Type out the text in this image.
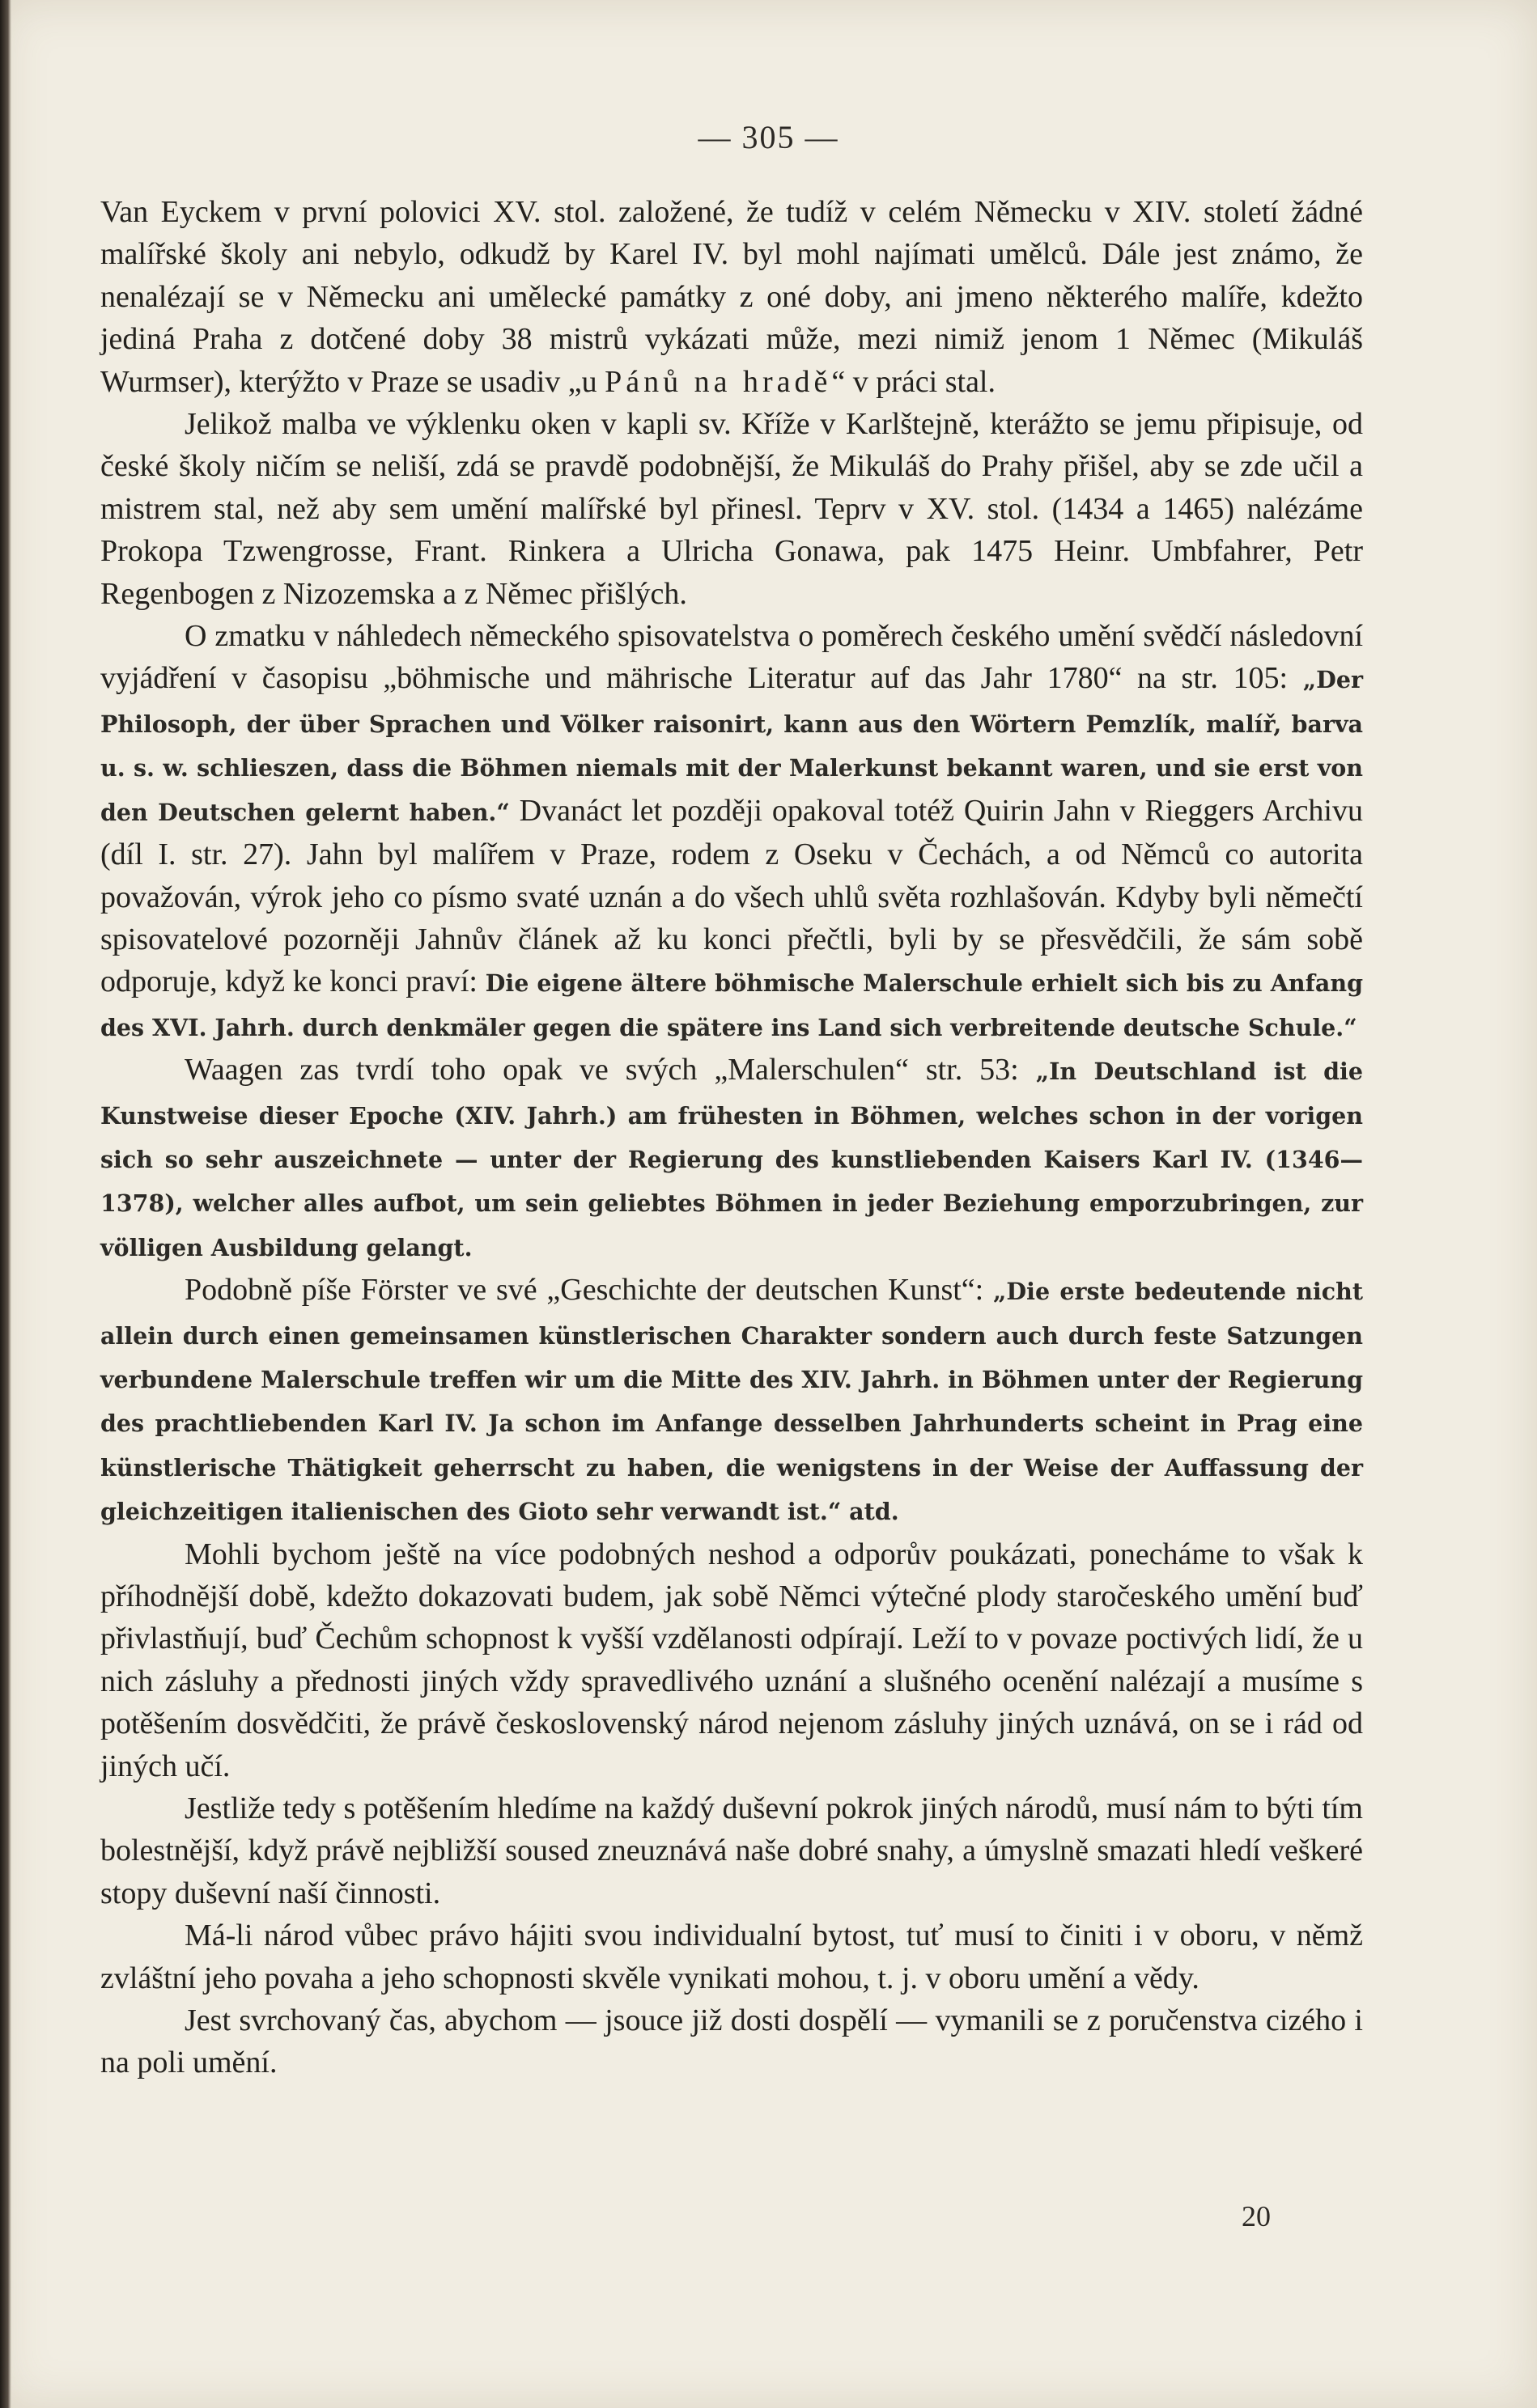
— 305 —

Van Eyckem v první polovici XV. stol. založené, že tudíž v celém Německu v XIV. století žádné malířské školy ani nebylo, odkudž by Karel IV. byl mohl najímati umělců. Dále jest známo, že nenalézají se v Německu ani umělecké památky z oné doby, ani jmeno některého malíře, kdežto jediná Praha z dotčené doby 38 mistrů vykázati může, mezi nimiž jenom 1 Němec (Mikuláš Wurmser), kterýžto v Praze se usadiv „u Pánů na hradě“ v práci stal.

Jelikož malba ve výklenku oken v kapli sv. Kříže v Karlštejně, kterážto se jemu připisuje, od české školy ničím se neliší, zdá se pravdě podobnější, že Mikuláš do Prahy přišel, aby se zde učil a mistrem stal, než aby sem umění malířské byl přinesl. Teprv v XV. stol. (1434 a 1465) nalézáme Prokopa Tzwengrosse, Frant. Rinkera a Ulricha Gonawa, pak 1475 Heinr. Umbfahrer, Petr Regenbogen z Nizozemska a z Němec přišlých.

O zmatku v náhledech německého spisovatelstva o poměrech českého umění svědčí následovní vyjádření v časopisu „böhmische und mährische Literatur auf das Jahr 1780“ na str. 105: „Der Philosoph, der über Sprachen und Völker raisonirt, kann aus den Wörtern Pemzlík, malíř, barva u. s. w. schlieszen, dass die Böhmen niemals mit der Malerkunst bekannt waren, und sie erst von den Deutschen gelernt haben.“ Dvanáct let později opakoval totéž Quirin Jahn v Rieggers Archivu (díl I. str. 27). Jahn byl malířem v Praze, rodem z Oseku v Čechách, a od Němců co autorita považován, výrok jeho co písmo svaté uznán a do všech uhlů světa rozhlašován. Kdyby byli němečtí spisovatelové pozorněji Jahnův článek až ku konci přečtli, byli by se přesvědčili, že sám sobě odporuje, když ke konci praví: Die eigene ältere böhmische Malerschule erhielt sich bis zu Anfang des XVI. Jahrh. durch denkmäler gegen die spätere ins Land sich verbreitende deutsche Schule.“

Waagen zas tvrdí toho opak ve svých „Malerschulen“ str. 53: „In Deutschland ist die Kunstweise dieser Epoche (XIV. Jahrh.) am frühesten in Böhmen, welches schon in der vorigen sich so sehr auszeichnete — unter der Regierung des kunstliebenden Kaisers Karl IV. (1346—1378), welcher alles aufbot, um sein geliebtes Böhmen in jeder Beziehung emporzubringen, zur völligen Ausbildung gelangt.

Podobně píše Förster ve své „Geschichte der deutschen Kunst“: „Die erste bedeutende nicht allein durch einen gemeinsamen künstlerischen Charakter sondern auch durch feste Satzungen verbundene Malerschule treffen wir um die Mitte des XIV. Jahrh. in Böhmen unter der Regierung des prachtliebenden Karl IV. Ja schon im Anfange desselben Jahrhunderts scheint in Prag eine künstlerische Thätigkeit geherrscht zu haben, die wenigstens in der Weise der Auffassung der gleichzeitigen italienischen des Gioto sehr verwandt ist.“ atd.

Mohli bychom ještě na více podobných neshod a odporův poukázati, ponecháme to však k příhodnější době, kdežto dokazovati budem, jak sobě Němci výtečné plody staročeského umění buď přivlastňují, buď Čechům schopnost k vyšší vzdělanosti odpírají. Leží to v povaze poctivých lidí, že u nich zásluhy a přednosti jiných vždy spravedlivého uznání a slušného ocenění nalézají a musíme s potěšením dosvědčiti, že právě československý národ nejenom zásluhy jiných uznává, on se i rád od jiných učí.

Jestliže tedy s potěšením hledíme na každý duševní pokrok jiných národů, musí nám to býti tím bolestnější, když právě nejbližší soused zneuznává naše dobré snahy, a úmyslně smazati hledí veškeré stopy duševní naší činnosti.

Má-li národ vůbec právo hájiti svou individualní bytost, tuť musí to činiti i v oboru, v němž zvláštní jeho povaha a jeho schopnosti skvěle vynikati mohou, t. j. v oboru umění a vědy.

Jest svrchovaný čas, abychom — jsouce již dosti dospělí — vymanili se z poručenstva cizého i na poli umění.

20
